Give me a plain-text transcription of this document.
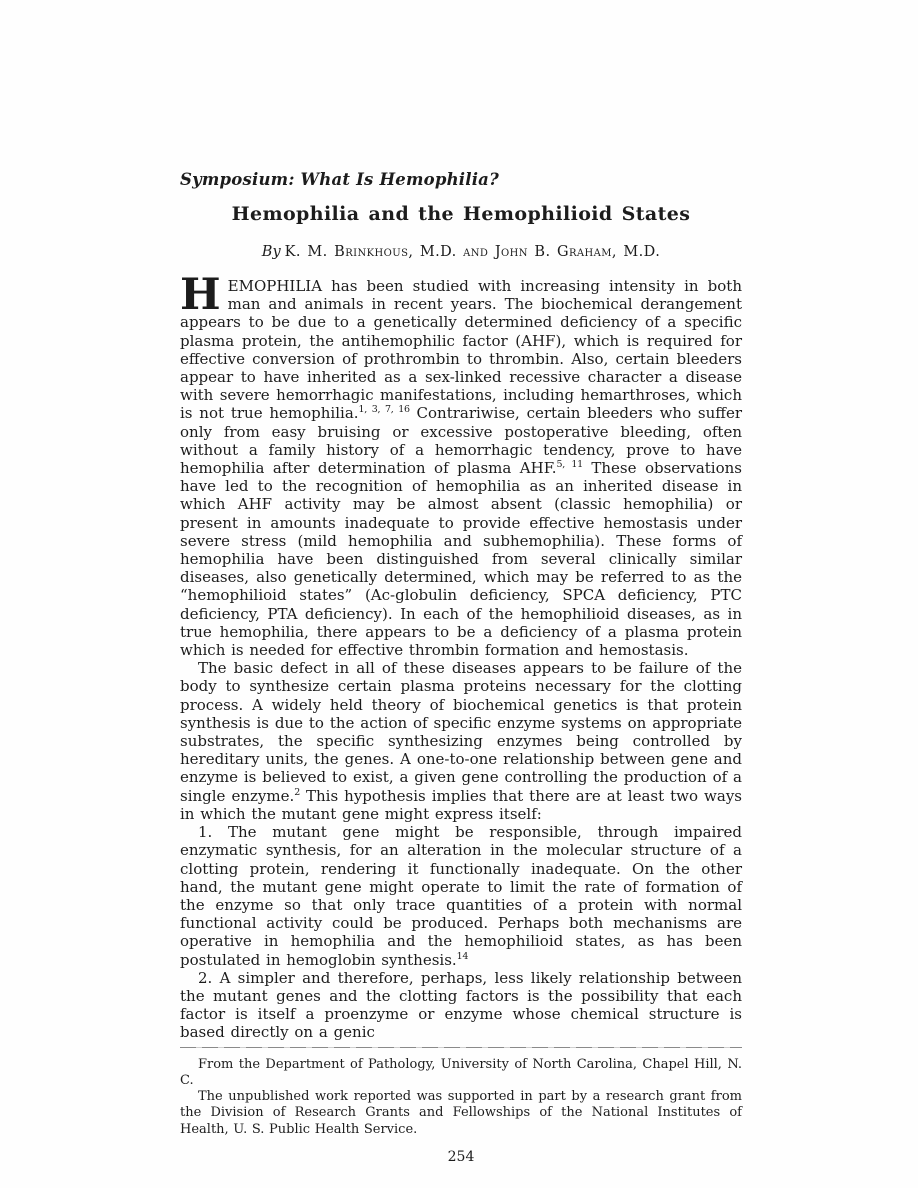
Symposium: What Is Hemophilia?
Hemophilia and the Hemophilioid States
By K. M. Brinkhous, M.D. and John B. Graham, M.D.

HEMOPHILIA has been studied with increasing intensity in both man and animals in recent years. The biochemical derangement appears to be due to a genetically determined deficiency of a specific plasma protein, the antihemophilic factor (AHF), which is required for effective conversion of prothrombin to thrombin. Also, certain bleeders appear to have inherited as a sex-linked recessive character a disease with severe hemorrhagic manifestations, including hemarthroses, which is not true hemophilia.$^{1, 3, 7, 16}$ Contrariwise, certain bleeders who suffer only from easy bruising or excessive postoperative bleeding, often without a family history of a hemorrhagic tendency, prove to have hemophilia after determination of plasma AHF.$^{5, 11}$ These observations have led to the recognition of hemophilia as an inherited disease in which AHF activity may be almost absent (classic hemophilia) or present in amounts inadequate to provide effective hemostasis under severe stress (mild hemophilia and subhemophilia). These forms of hemophilia have been distinguished from several clinically similar diseases, also genetically determined, which may be referred to as the “hemophilioid states” (Ac-globulin deficiency, SPCA deficiency, PTC deficiency, PTA deficiency). In each of the hemophilioid diseases, as in true hemophilia, there appears to be a deficiency of a plasma protein which is needed for effective thrombin formation and hemostasis.

The basic defect in all of these diseases appears to be failure of the body to synthesize certain plasma proteins necessary for the clotting process. A widely held theory of biochemical genetics is that protein synthesis is due to the action of specific enzyme systems on appropriate substrates, the specific synthesizing enzymes being controlled by hereditary units, the genes. A one-to-one relationship between gene and enzyme is believed to exist, a given gene controlling the production of a single enzyme.$^2$ This hypothesis implies that there are at least two ways in which the mutant gene might express itself:

1. The mutant gene might be responsible, through impaired enzymatic synthesis, for an alteration in the molecular structure of a clotting protein, rendering it functionally inadequate. On the other hand, the mutant gene might operate to limit the rate of formation of the enzyme so that only trace quantities of a protein with normal functional activity could be produced. Perhaps both mechanisms are operative in hemophilia and the hemophilioid states, as has been postulated in hemoglobin synthesis.$^{14}$

2. A simpler and therefore, perhaps, less likely relationship between the mutant genes and the clotting factors is the possibility that each factor is itself a proenzyme or enzyme whose chemical structure is based directly on a genic

From the Department of Pathology, University of North Carolina, Chapel Hill, N. C.

The unpublished work reported was supported in part by a research grant from the Division of Research Grants and Fellowships of the National Institutes of Health, U. S. Public Health Service.

254
